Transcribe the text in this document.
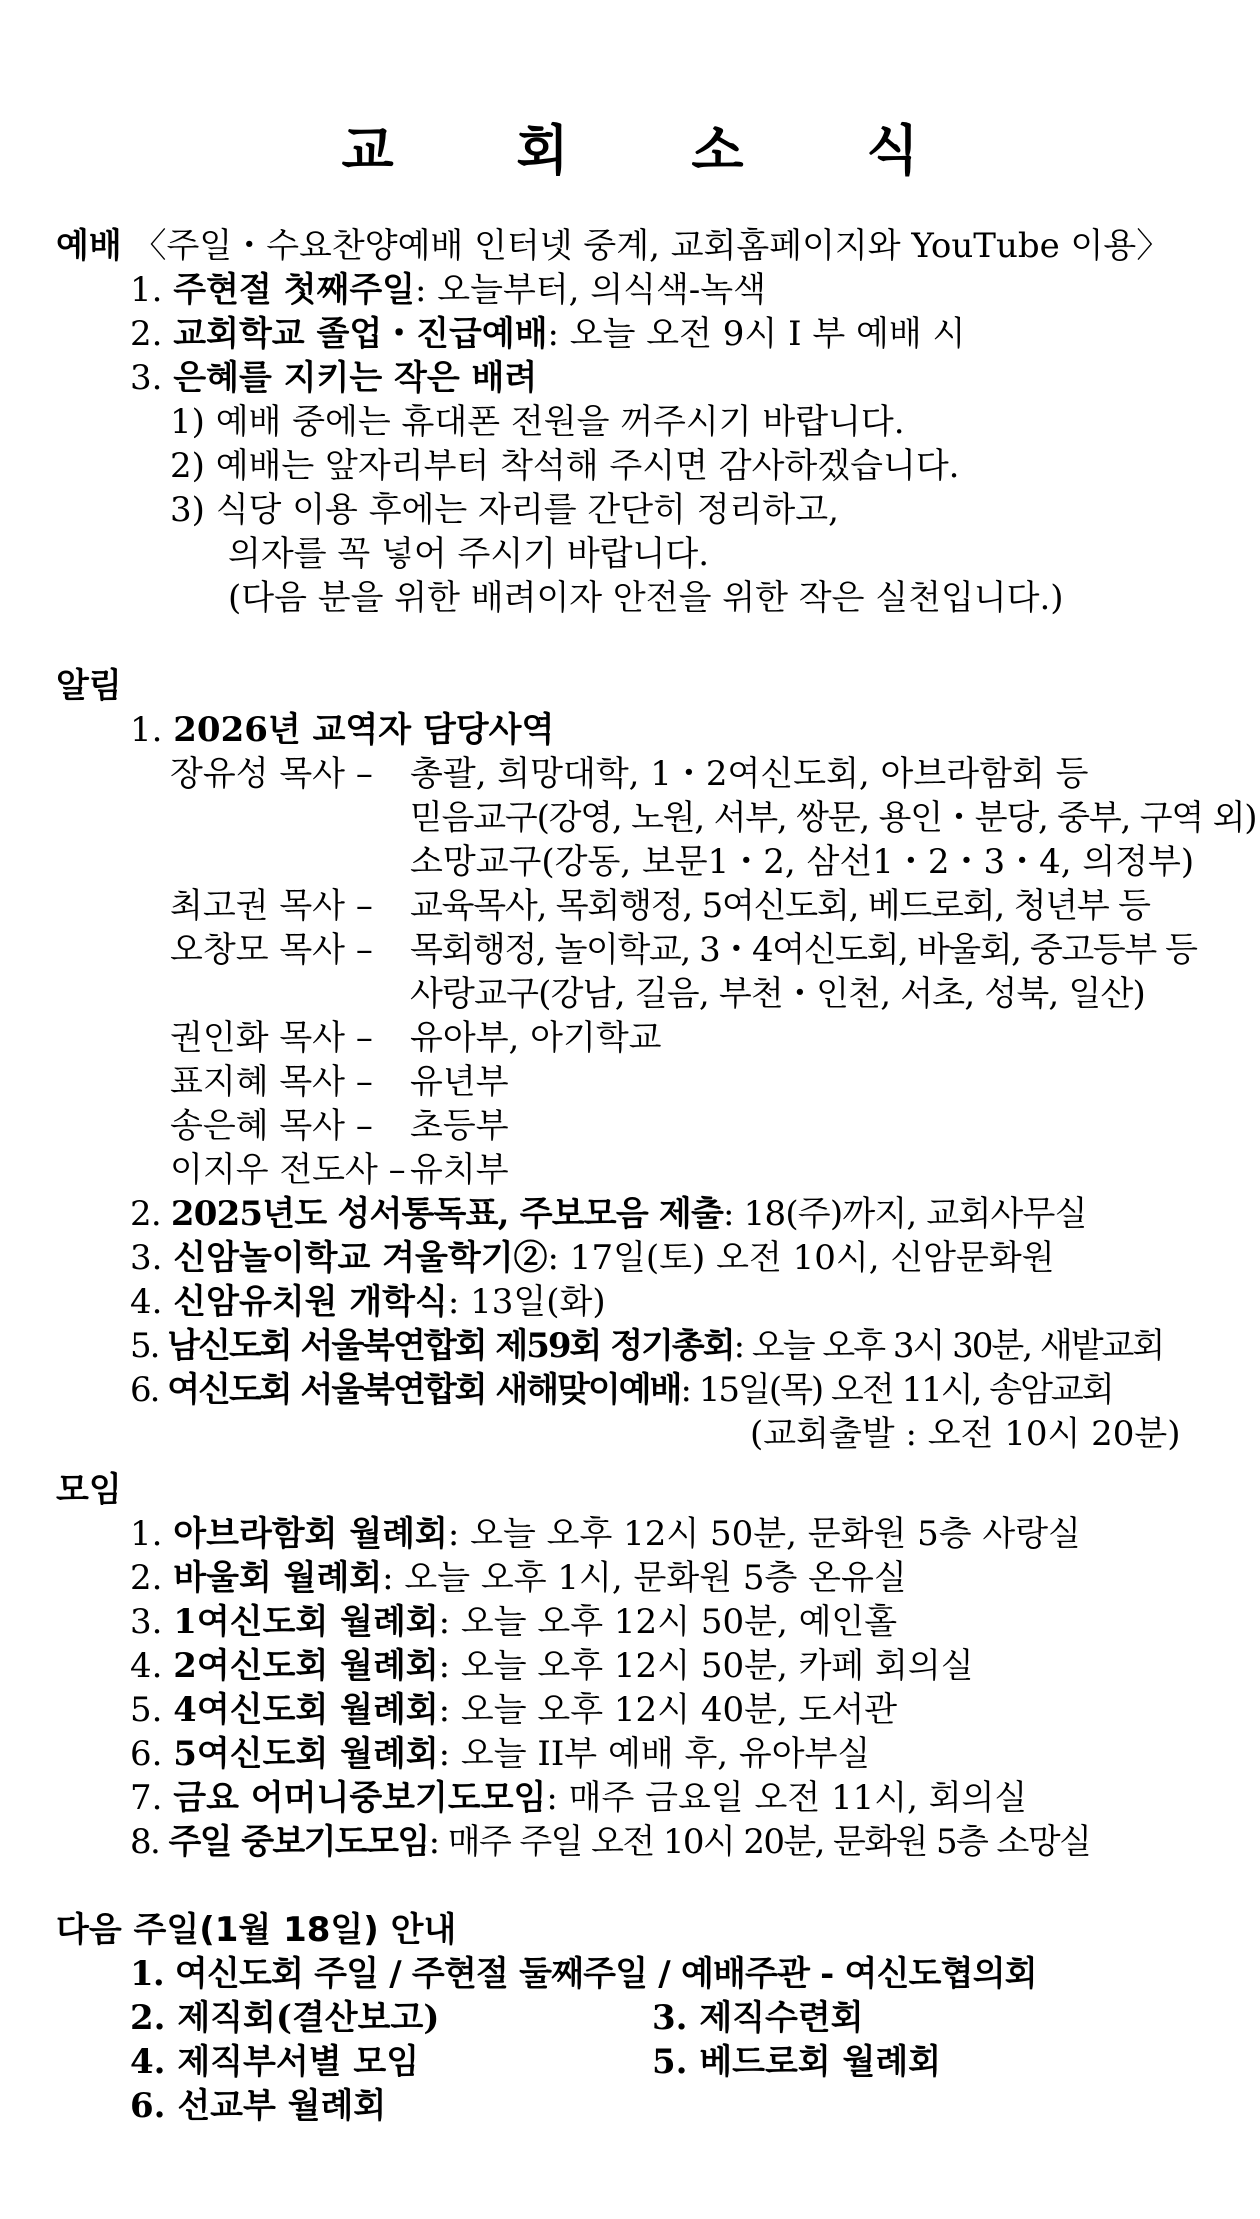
교 회 소 식
예배 〈주일・수요찬양예배 인터넷 중계, 교회홈페이지와 YouTube 이용〉
1. 주현절 첫째주일: 오늘부터, 의식색-녹색
2. 교회학교 졸업・진급예배: 오늘 오전 9시 I 부 예배 시
3. 은혜를 지키는 작은 배려
1) 예배 중에는 휴대폰 전원을 꺼주시기 바랍니다.
2) 예배는 앞자리부터 착석해 주시면 감사하겠습니다.
3) 식당 이용 후에는 자리를 간단히 정리하고,
의자를 꼭 넣어 주시기 바랍니다.
(다음 분을 위한 배려이자 안전을 위한 작은 실천입니다.)
알림
1. 2026년 교역자 담당사역
장유성 목사 – 총괄, 희망대학, 1・2여신도회, 아브라함회 등
믿음교구(강영, 노원, 서부, 쌍문, 용인・분당, 중부, 구역 외)
소망교구(강동, 보문1・2, 삼선1・2・3・4, 의정부)
최고권 목사 – 교육목사, 목회행정, 5여신도회, 베드로회, 청년부 등
오창모 목사 – 목회행정, 놀이학교, 3・4여신도회, 바울회, 중고등부 등
사랑교구(강남, 길음, 부천・인천, 서초, 성북, 일산)
권인화 목사 – 유아부, 아기학교
표지혜 목사 – 유년부
송은혜 목사 – 초등부
이지우 전도사 – 유치부
2. 2025년도 성서통독표, 주보모음 제출: 18(주)까지, 교회사무실
3. 신암놀이학교 겨울학기②: 17일(토) 오전 10시, 신암문화원
4. 신암유치원 개학식: 13일(화)
5. 남신도회 서울북연합회 제59회 정기총회: 오늘 오후 3시 30분, 새밭교회
6. 여신도회 서울북연합회 새해맞이예배: 15일(목) 오전 11시, 송암교회
(교회출발 : 오전 10시 20분)
모임
1. 아브라함회 월례회: 오늘 오후 12시 50분, 문화원 5층 사랑실
2. 바울회 월례회: 오늘 오후 1시, 문화원 5층 온유실
3. 1여신도회 월례회: 오늘 오후 12시 50분, 예인홀
4. 2여신도회 월례회: 오늘 오후 12시 50분, 카페 회의실
5. 4여신도회 월례회: 오늘 오후 12시 40분, 도서관
6. 5여신도회 월례회: 오늘 II부 예배 후, 유아부실
7. 금요 어머니중보기도모임: 매주 금요일 오전 11시, 회의실
8. 주일 중보기도모임: 매주 주일 오전 10시 20분, 문화원 5층 소망실
다음 주일(1월 18일) 안내
1. 여신도회 주일 / 주현절 둘째주일 / 예배주관 - 여신도협의회
2. 제직회(결산보고)	3. 제직수련회
4. 제직부서별 모임	5. 베드로회 월례회
6. 선교부 월례회
